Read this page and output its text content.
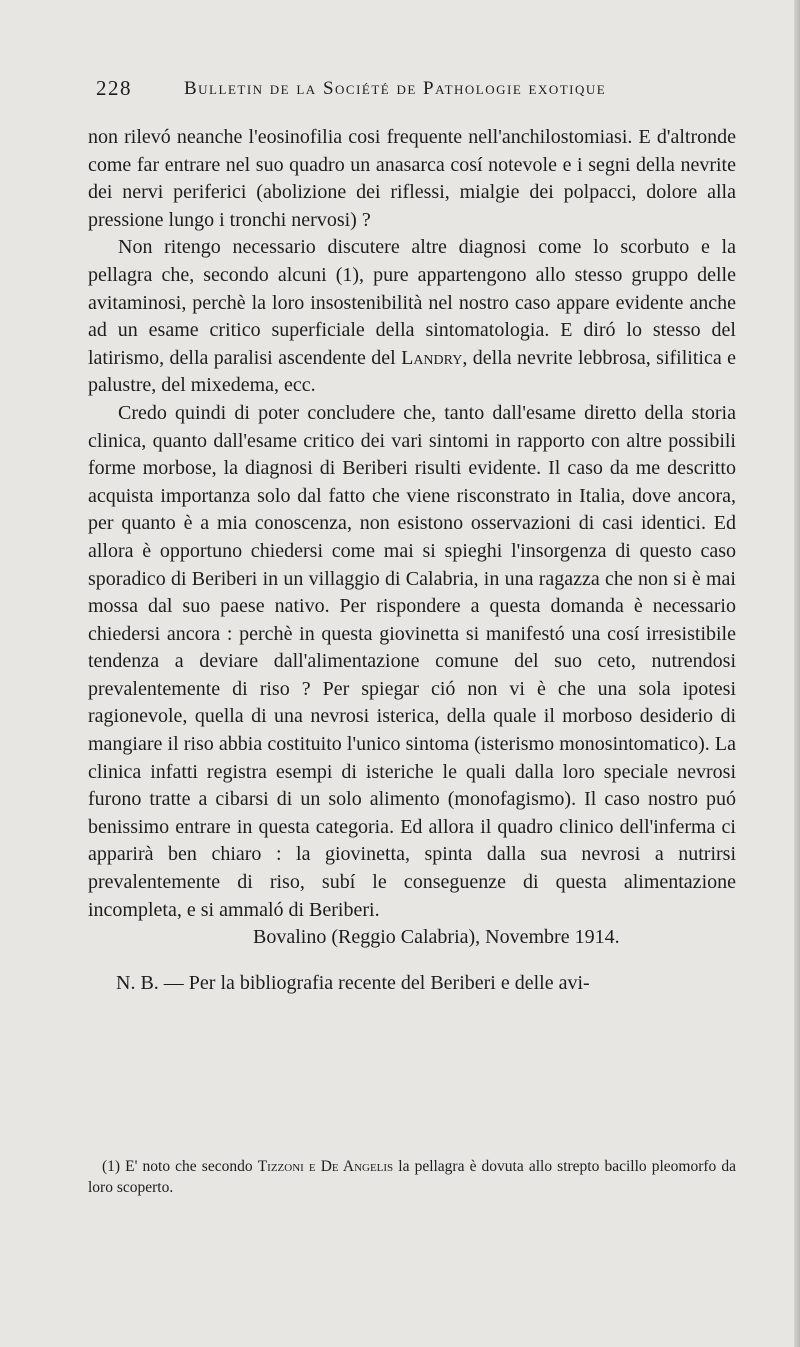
228	Bulletin de la Société de Pathologie exotique

non rilevó neanche l'eosinofilia cosi frequente nell'anchilostomiasi. E d'altronde come far entrare nel suo quadro un anasarca cosí notevole e i segni della nevrite dei nervi periferici (abolizione dei riflessi, mialgie dei polpacci, dolore alla pressione lungo i tronchi nervosi) ?

Non ritengo necessario discutere altre diagnosi come lo scorbuto e la pellagra che, secondo alcuni (1), pure appartengono allo stesso gruppo delle avitaminosi, perchè la loro insostenibilità nel nostro caso appare evidente anche ad un esame critico superficiale della sintomatologia. E diró lo stesso del latirismo, della paralisi ascendente del Landry, della nevrite lebbrosa, sifilitica e palustre, del mixedema, ecc.

Credo quindi di poter concludere che, tanto dall'esame diretto della storia clinica, quanto dall'esame critico dei vari sintomi in rapporto con altre possibili forme morbose, la diagnosi di Beriberi risulti evidente. Il caso da me descritto acquista importanza solo dal fatto che viene risconstrato in Italia, dove ancora, per quanto è a mia conoscenza, non esistono osservazioni di casi identici. Ed allora è opportuno chiedersi come mai si spieghi l'insorgenza di questo caso sporadico di Beriberi in un villaggio di Calabria, in una ragazza che non si è mai mossa dal suo paese nativo. Per rispondere a questa domanda è necessario chiedersi ancora : perchè in questa giovinetta si manifestó una cosí irresistibile tendenza a deviare dall'alimentazione comune del suo ceto, nutrendosi prevalentemente di riso ? Per spiegar ció non vi è che una sola ipotesi ragionevole, quella di una nevrosi isterica, della quale il morboso desiderio di mangiare il riso abbia costituito l'unico sintoma (isterismo monosintomatico). La clinica infatti registra esempi di isteriche le quali dalla loro speciale nevrosi furono tratte a cibarsi di un solo alimento (monofagismo). Il caso nostro puó benissimo entrare in questa categoria. Ed allora il quadro clinico dell'inferma ci apparirà ben chiaro : la giovinetta, spinta dalla sua nevrosi a nutrirsi prevalentemente di riso, subí le conseguenze di questa alimentazione incompleta, e si ammaló di Beriberi.

Bovalino (Reggio Calabria), Novembre 1914.

N. B. — Per la bibliografia recente del Beriberi e delle avi-

(1) E' noto che secondo Tizzoni e De Angelis la pellagra è dovuta allo strepto bacillo pleomorfo da loro scoperto.
